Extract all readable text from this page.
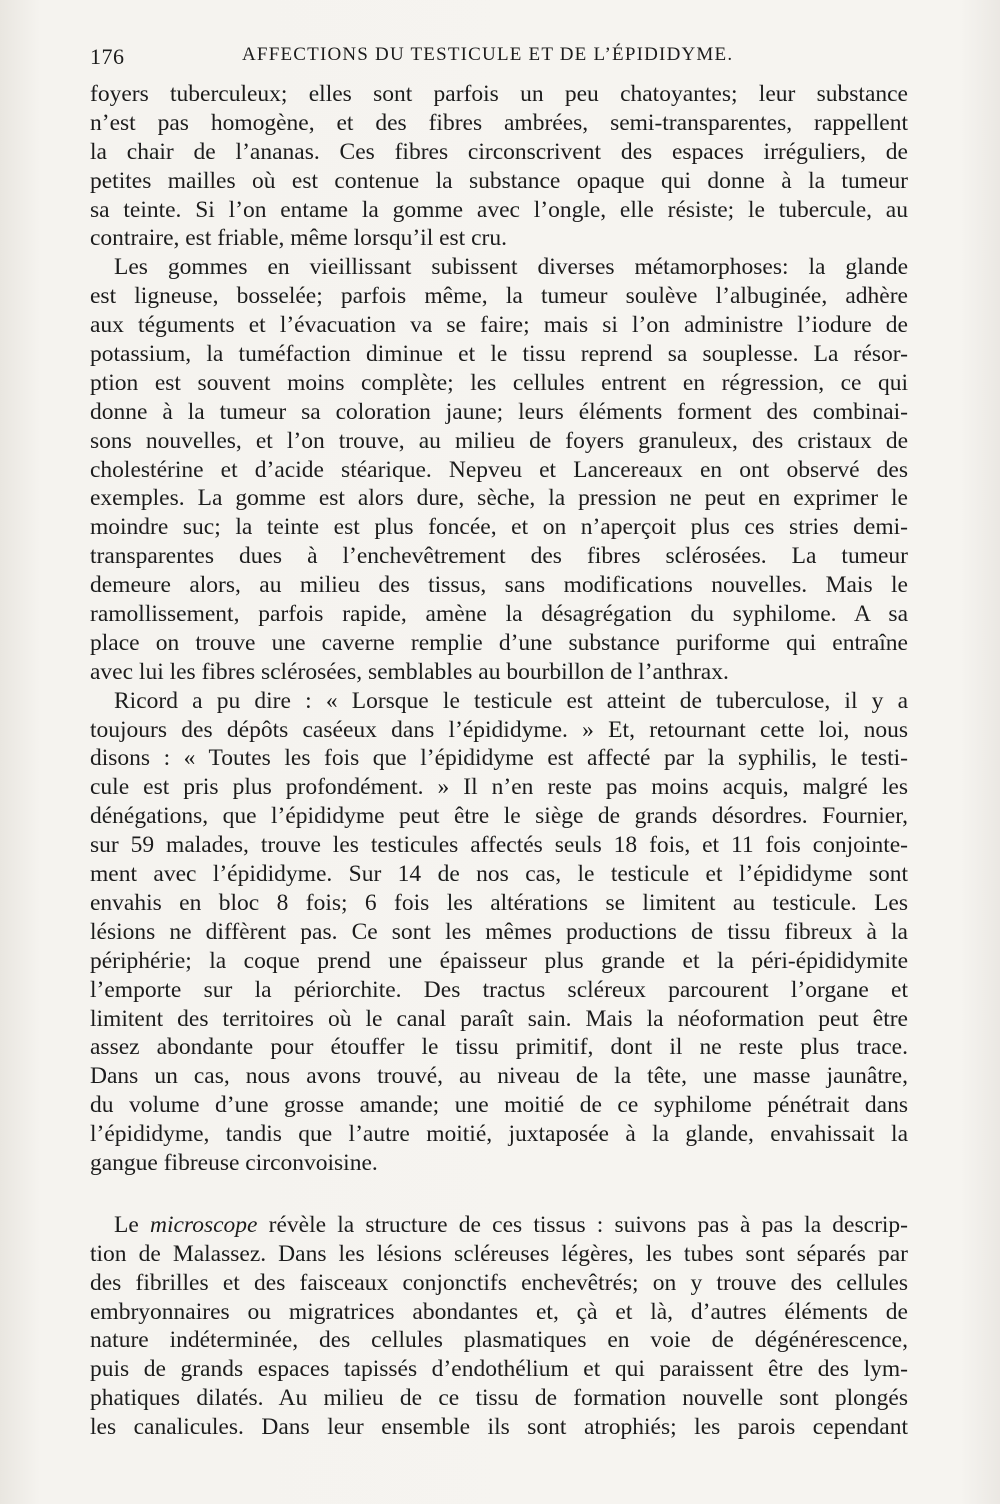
176	AFFECTIONS DU TESTICULE ET DE L’ÉPIDIDYME.
foyers tuberculeux; elles sont parfois un peu chatoyantes; leur substance
n’est pas homogène, et des fibres ambrées, semi-transparentes, rappellent
la chair de l’ananas. Ces fibres circonscrivent des espaces irréguliers, de
petites mailles où est contenue la substance opaque qui donne à la tumeur
sa teinte. Si l’on entame la gomme avec l’ongle, elle résiste; le tubercule, au
contraire, est friable, même lorsqu’il est cru.
Les gommes en vieillissant subissent diverses métamorphoses: la glande
est ligneuse, bosselée; parfois même, la tumeur soulève l’albuginée, adhère
aux téguments et l’évacuation va se faire; mais si l’on administre l’iodure de
potassium, la tuméfaction diminue et le tissu reprend sa souplesse. La résor-
ption est souvent moins complète; les cellules entrent en régression, ce qui
donne à la tumeur sa coloration jaune; leurs éléments forment des combinai-
sons nouvelles, et l’on trouve, au milieu de foyers granuleux, des cristaux de
cholestérine et d’acide stéarique. Nepveu et Lancereaux en ont observé des
exemples. La gomme est alors dure, sèche, la pression ne peut en exprimer le
moindre suc; la teinte est plus foncée, et on n’aperçoit plus ces stries demi-
transparentes dues à l’enchevêtrement des fibres sclérosées. La tumeur
demeure alors, au milieu des tissus, sans modifications nouvelles. Mais le
ramollissement, parfois rapide, amène la désagrégation du syphilome. A sa
place on trouve une caverne remplie d’une substance puriforme qui entraîne
avec lui les fibres sclérosées, semblables au bourbillon de l’anthrax.
Ricord a pu dire : « Lorsque le testicule est atteint de tuberculose, il y a
toujours des dépôts caséeux dans l’épididyme. » Et, retournant cette loi, nous
disons : « Toutes les fois que l’épididyme est affecté par la syphilis, le testi-
cule est pris plus profondément. » Il n’en reste pas moins acquis, malgré les
dénégations, que l’épididyme peut être le siège de grands désordres. Fournier,
sur 59 malades, trouve les testicules affectés seuls 18 fois, et 11 fois conjointe-
ment avec l’épididyme. Sur 14 de nos cas, le testicule et l’épididyme sont
envahis en bloc 8 fois; 6 fois les altérations se limitent au testicule. Les
lésions ne diffèrent pas. Ce sont les mêmes productions de tissu fibreux à la
périphérie; la coque prend une épaisseur plus grande et la péri-épididymite
l’emporte sur la périorchite. Des tractus scléreux parcourent l’organe et
limitent des territoires où le canal paraît sain. Mais la néoformation peut être
assez abondante pour étouffer le tissu primitif, dont il ne reste plus trace.
Dans un cas, nous avons trouvé, au niveau de la tête, une masse jaunâtre,
du volume d’une grosse amande; une moitié de ce syphilome pénétrait dans
l’épididyme, tandis que l’autre moitié, juxtaposée à la glande, envahissait la
gangue fibreuse circonvoisine.
Le microscope révèle la structure de ces tissus : suivons pas à pas la descrip-
tion de Malassez. Dans les lésions scléreuses légères, les tubes sont séparés par
des fibrilles et des faisceaux conjonctifs enchevêtrés; on y trouve des cellules
embryonnaires ou migratrices abondantes et, çà et là, d’autres éléments de
nature indéterminée, des cellules plasmatiques en voie de dégénérescence,
puis de grands espaces tapissés d’endothélium et qui paraissent être des lym-
phatiques dilatés. Au milieu de ce tissu de formation nouvelle sont plongés
les canalicules. Dans leur ensemble ils sont atrophiés; les parois cependant
